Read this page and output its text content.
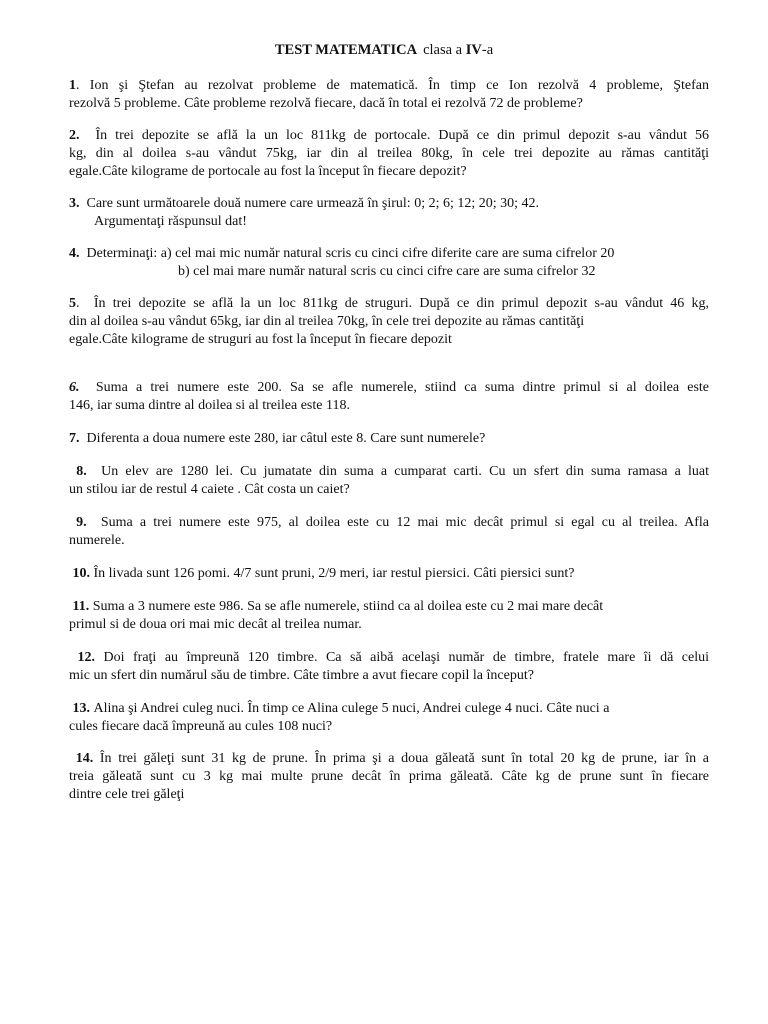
TEST MATEMATICA clasa a IV-a
1. Ion şi Ştefan au rezolvat probleme de matematică. În timp ce Ion rezolvă 4 probleme, Ştefan
rezolvă 5 probleme. Câte probleme rezolvă fiecare, dacă în total ei rezolvă 72 de probleme?
2. În trei depozite se află la un loc 811kg de portocale. După ce din primul depozit s-au vândut 56
kg, din al doilea s-au vândut 75kg, iar din al treilea 80kg, în cele trei depozite au rămas cantităţi
egale.Câte kilograme de portocale au fost la început în fiecare depozit?
3. Care sunt următoarele două numere care urmează în şirul: 0; 2; 6; 12; 20; 30; 42.
Argumentaţi răspunsul dat!
4. Determinaţi: a) cel mai mic număr natural scris cu cinci cifre diferite care are suma cifrelor 20
b) cel mai mare număr natural scris cu cinci cifre care are suma cifrelor 32
5.  În trei depozite se află la un loc 811kg de struguri. După ce din primul depozit s-au vândut 46 kg,
din al doilea s-au vândut 65kg, iar din al treilea 70kg, în cele trei depozite au rămas cantităţi
egale.Câte kilograme de struguri au fost la început în fiecare depozit
6. Suma a trei numere este 200. Sa se afle numerele, stiind ca suma dintre primul si al doilea este
146, iar suma dintre al doilea si al treilea este 118.
7. Diferenta a doua numere este 280, iar câtul este 8. Care sunt numerele?
8. Un elev are 1280 lei. Cu jumatate din suma a cumparat carti. Cu un sfert din suma ramasa a luat
un stilou iar de restul 4 caiete . Cât costa un caiet?
9. Suma a trei numere este 975, al doilea este cu 12 mai mic decât primul si egal cu al treilea. Afla
numerele.
10. În livada sunt 126 pomi. 4/7 sunt pruni, 2/9 meri, iar restul piersici. Câti piersici sunt?
11. Suma a 3 numere este 986. Sa se afle numerele, stiind ca al doilea este cu 2 mai mare decât
primul si de doua ori mai mic decât al treilea numar.
12. Doi fraţi au împreună 120 timbre. Ca să aibă acelaşi număr de timbre, fratele mare îi dă celui
mic un sfert din numărul său de timbre. Câte timbre a avut fiecare copil la început?
13. Alina şi Andrei culeg nuci. În timp ce Alina culege 5 nuci, Andrei culege 4 nuci. Câte nuci a
cules fiecare dacă împreună au cules 108 nuci?
14. În trei găleţi sunt 31 kg de prune. În prima şi a doua găleată sunt în total 20 kg de prune, iar în a
treia găleată sunt cu 3 kg mai multe prune decât în prima găleată. Câte kg de prune sunt în fiecare
dintre cele trei găleţi
